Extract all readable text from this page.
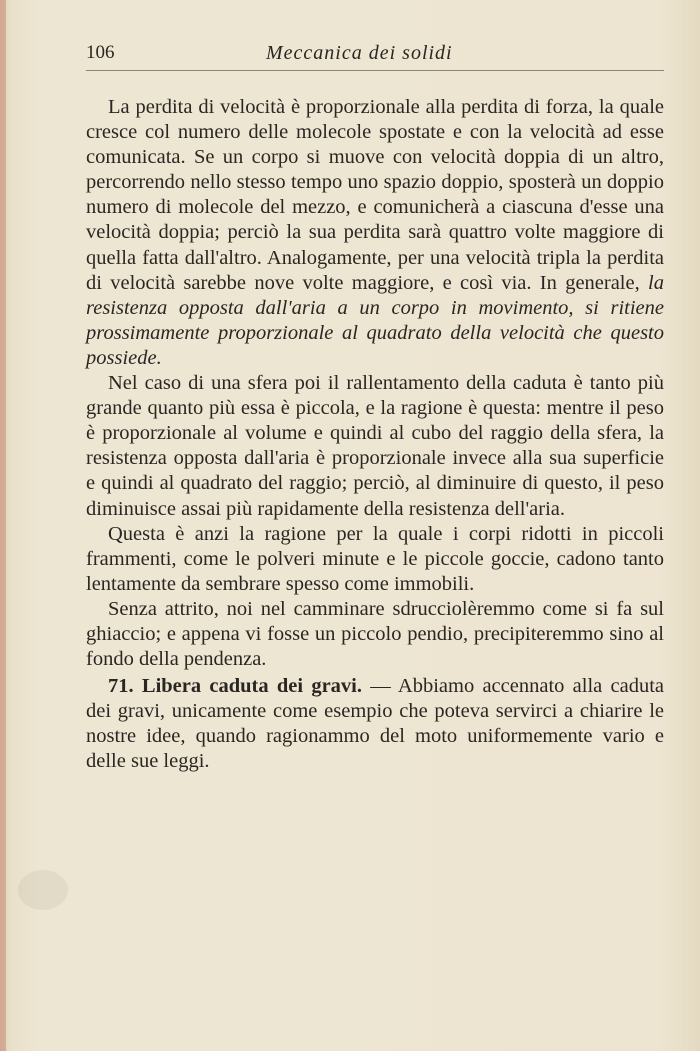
106	Meccanica dei solidi

La perdita di velocità è proporzionale alla perdita di forza, la quale cresce col numero delle molecole spostate e con la velocità ad esse comunicata. Se un corpo si muove con velocità doppia di un altro, percorrendo nello stesso tempo uno spazio doppio, sposterà un doppio numero di molecole del mezzo, e comunicherà a ciascuna d'esse una velocità doppia; perciò la sua perdita sarà quattro volte maggiore di quella fatta dall'altro. Analogamente, per una velocità tripla la perdita di velocità sarebbe nove volte maggiore, e così via. In generale, la resistenza opposta dall'aria a un corpo in movimento, si ritiene prossimamente proporzionale al quadrato della velocità che questo possiede.

Nel caso di una sfera poi il rallentamento della caduta è tanto più grande quanto più essa è piccola, e la ragione è questa: mentre il peso è proporzionale al volume e quindi al cubo del raggio della sfera, la resistenza opposta dall'aria è proporzionale invece alla sua superficie e quindi al quadrato del raggio; perciò, al diminuire di questo, il peso diminuisce assai più rapidamente della resistenza dell'aria.

Questa è anzi la ragione per la quale i corpi ridotti in piccoli frammenti, come le polveri minute e le piccole goccie, cadono tanto lentamente da sembrare spesso come immobili.

Senza attrito, noi nel camminare sdrucciolèremmo come si fa sul ghiaccio; e appena vi fosse un piccolo pendio, precipiteremmo sino al fondo della pendenza.

71. Libera caduta dei gravi. — Abbiamo accennato alla caduta dei gravi, unicamente come esempio che poteva servirci a chiarire le nostre idee, quando ragionammo del moto uniformemente vario e delle sue leggi.
